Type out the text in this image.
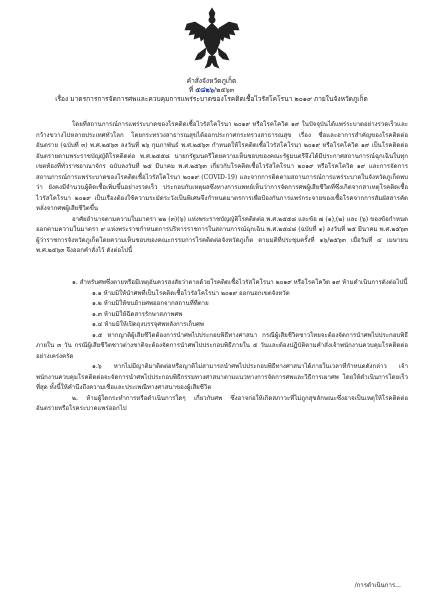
คำสั่งจังหวัดภูเก็ต
ที่ ๕๘๒๖/๒๕๖๓
เรื่อง มาตรการการจัดการศพและควบคุมการแพร่ระบาดของโรคติดเชื้อไวรัสโคโรนา ๒๐๑๙ ภายในจังหวัดภูเก็ต

โดยที่สถานการณ์การแพร่ระบาดของโรคติดเชื้อไวรัสโคโรนา ๒๐๑๙ หรือโรคโควิด ๑๙ ในปัจจุบันได้แพร่ระบาดอย่างรวดเร็วและกว้างขวางไปหลายประเทศทั่วโลก โดยกระทรวงสาธารณสุขได้ออกประกาศกระทรวงสาธารณสุข เรื่อง ชื่อและอาการสำคัญของโรคติดต่ออันตราย (ฉบับที่ ๓) พ.ศ.๒๕๖๓ ลงวันที่ ๒๖ กุมภาพันธ์ พ.ศ.๒๕๖๓ กำหนดให้โรคติดเชื้อไวรัสโคโรนา ๒๐๑๙ หรือโรคโควิด ๑๙ เป็นโรคติดต่ออันตรายตามพระราชบัญญัติโรคติดต่อ พ.ศ.๒๕๕๘ นายกรัฐมนตรีโดยความเห็นชอบของคณะรัฐมนตรีจึงได้มีประกาศสถานการณ์ฉุกเฉินในทุกเขตท้องที่ทั่วราชอาณาจักร ฉบับลงวันที่ ๒๕ มีนาคม พ.ศ.๒๕๖๓ เกี่ยวกับโรคติดเชื้อไวรัสโคโรนา ๒๐๑๙ หรือโรคโควิด ๑๙ และการจัดการสถานการณ์การแพร่ระบาดของโรคติดเชื้อไวรัสโคโรนา ๒๐๑๙ (COVID-19) และจากการติดตามสถานการณ์การแพร่ระบาดในจังหวัดภูเก็ตพบว่า ยังคงมีจำนวนผู้ติดเชื้อเพิ่มขึ้นอย่างรวดเร็ว ประกอบกับเหตุผลซึ่งทางการแพทย์เห็นว่าการจัดการศพผู้เสียชีวิตที่ซึ่งเกิดจากสาเหตุโรคติดเชื้อไวรัสโคโรนา ๒๐๑๙ เป็นเรื่องต้องใช้ความระมัดระวังเป็นพิเศษจึงกำหนดมาตรการเพื่อป้องกันการแพร่กระจายของเชื้อโรคจากการสัมผัสสารคัดหลั่งจากศพผู้เสียชีวิตขึ้น

อาศัยอำนาจตามความในมาตรา ๒๒ (๓)(๖) แห่งพระราชบัญญัติโรคติดต่อ พ.ศ.๒๕๕๘ และข้อ ๗ (๑),(๒) และ (๖) ของข้อกำหนดออกตามความในมาตรา ๙ แห่งพระราชกำหนดการบริหารราชการในสถานการณ์ฉุกเฉิน พ.ศ.๒๕๔๘ (ฉบับที่ ๑) ลงวันที่ ๒๕ มีนาคม พ.ศ.๒๕๖๓ ผู้ว่าราชการจังหวัดภูเก็ตโดยความเห็นชอบของคณะกรรมการโรคติดต่อจังหวัดภูเก็ต ตามมติที่ประชุมครั้งที่ ๑๖/๒๕๖๓ เมื่อวันที่ ๔ เมษายน พ.ศ.๒๕๖๓ จึงออกคำสั่งไว้ ดังต่อไปนี้

๑. สำหรับศพซึ่งตายหรือมีเหตุอันควรสงสัยว่าตายด้วยโรคติดเชื้อไวรัสโคโรนา ๒๐๑๙ หรือโรคโควิด ๑๙ ห้ามดำเนินการดังต่อไปนี้

๑.๑ ห้ามมิให้นำศพที่เป็นโรคติดเชื้อไวรัสโคโรนา ๒๐๑๙ ออกนอกเขตจังหวัด

๑.๒ ห้ามมิให้ขนย้ายศพออกจากสถานที่ที่ตาย

๑.๓ ห้ามมิให้ฉีดสารรักษาสภาพศพ

๑.๔ ห้ามมิให้เปิดถุงบรรจุศพหลังการเก็บศพ

๑.๕ หากญาติผู้เสียชีวิตต้องการนำศพไปประกอบพิธีทางศาสนา กรณีผู้เสียชีวิตชาวไทยจะต้องจัดการนำศพไปประกอบพิธีภายใน ๓ วัน กรณีผู้เสียชีวิตชาวต่างชาติจะต้องจัดการนำศพไปประกอบพิธีภายใน ๕ วันและต้องปฏิบัติตามคำสั่งเจ้าพนักงานควบคุมโรคติดต่ออย่างเคร่งครัด

๑.๖ หากไม่มีญาติมาติดต่อหรือญาติไม่สามารถนำศพไปประกอบพิธีทางศาสนาได้ภายในเวลาที่กำหนดดังกล่าว เจ้าพนักงานควบคุมโรคติดต่อจะจัดการนำศพไปประกอบพิธีกรรมทางศาสนาตามแนวทางการจัดการศพและวิธีการเผาศพ โดยให้ดำเนินการโดยเร็วที่สุด ทั้งนี้ให้คำนึงถึงความเชื่อและประเพณีทางศาสนาของผู้เสียชีวิต

๒. ห้ามผู้ใดกระทำการหรือดำเนินการใดๆ เกี่ยวกับศพ ซึ่งอาจก่อให้เกิดสภาวะที่ไม่ถูกสุขลักษณะซึ่งอาจเป็นเหตุให้โรคติดต่ออันตรายหรือโรคระบาดแพร่ออกไป

/การดำเนินการ...
